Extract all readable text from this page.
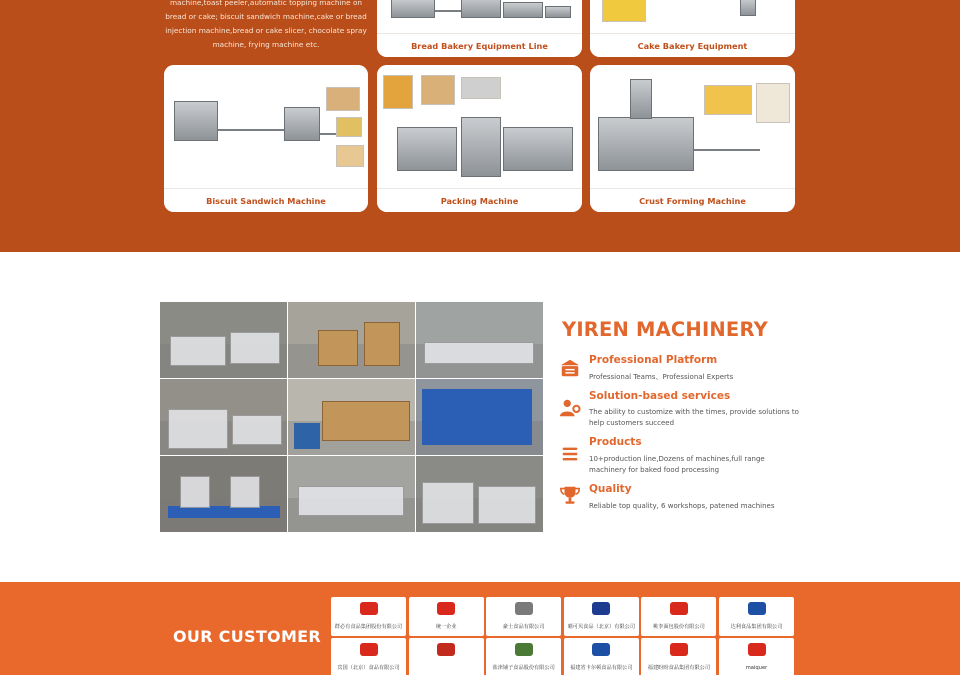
machine,toast peeler,automatic topping machine on bread or cake; biscuit sandwich machine,cake or bread injection machine,bread or cake slicer, chocolate spray machine, frying machine etc.	Bread Bakery Equipment Line	Cake Bakery Equipment
Biscuit Sandwich Machine	Packing Machine	Crust Forming Machine
YIREN MACHINERY
Professional Platform
Professional Teams、Professional Experts
Solution-based services
The ability to customize with the times, provide solutions to help customers succeed
Products
10+production line,Dozens of machines,full range machinery for baked food processing
Quality
Reliable top quality, 6 workshops, patened machines
OUR CUSTOMER	群必有食品集团股份有限公司	统一企业	豪士食品有限公司	喵可贝食品（北京）有限公司	桃李面包股份有限公司	达利食品集团有限公司
宾国（北京）食品有限公司	盐津铺子食品股份有限公司	福建省卡尔顿食品有限公司	福建盼盼食品集团有限公司	maiquer
